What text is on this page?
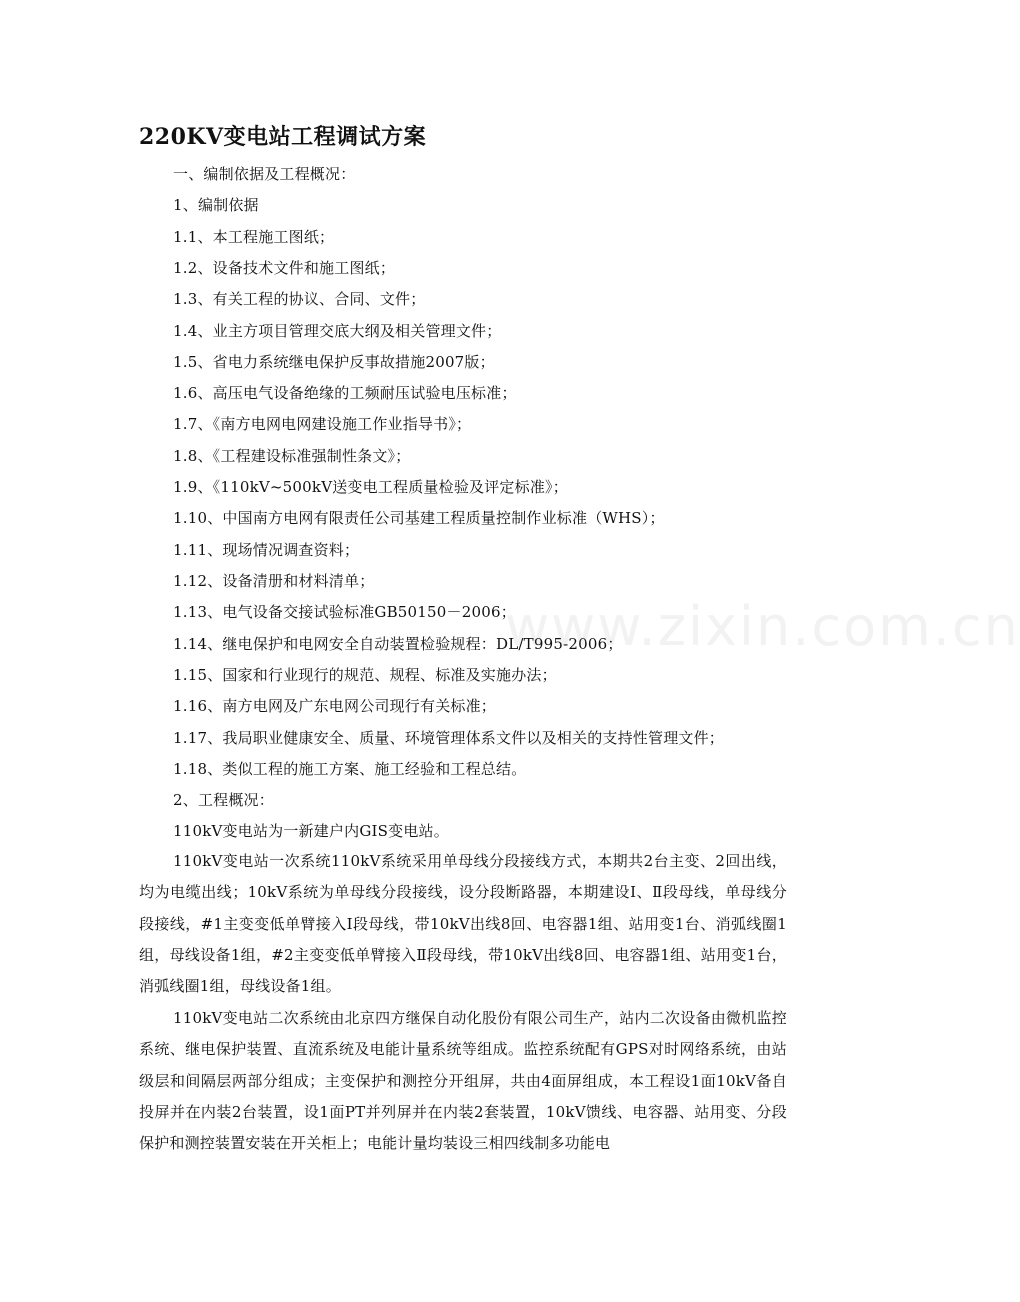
220KV变电站工程调试方案
一、编制依据及工程概况：
1、编制依据
1.1、本工程施工图纸；
1.2、设备技术文件和施工图纸；
1.3、有关工程的协议、合同、文件；
1.4、业主方项目管理交底大纲及相关管理文件；
1.5、省电力系统继电保护反事故措施2007版；
1.6、高压电气设备绝缘的工频耐压试验电压标准；
1.7、《南方电网电网建设施工作业指导书》；
1.8、《工程建设标准强制性条文》；
1.9、《110kV~500kV送变电工程质量检验及评定标准》；
1.10、中国南方电网有限责任公司基建工程质量控制作业标准（WHS）；
1.11、现场情况调查资料；
1.12、设备清册和材料清单；
1.13、电气设备交接试验标准GB50150－2006；
1.14、继电保护和电网安全自动装置检验规程：DL/T995-2006；
1.15、国家和行业现行的规范、规程、标准及实施办法；
1.16、南方电网及广东电网公司现行有关标准；
1.17、我局职业健康安全、质量、环境管理体系文件以及相关的支持性管理文件；
1.18、类似工程的施工方案、施工经验和工程总结。
2、工程概况：
110kV变电站为一新建户内GIS变电站。
110kV变电站一次系统110kV系统采用单母线分段接线方式，本期共2台主变、2回出线，均为电缆出线；10kV系统为单母线分段接线，设分段断路器，本期建设Ⅰ、Ⅱ段母线，单母线分段接线，#1主变变低单臂接入Ⅰ段母线，带10kV出线8回、电容器1组、站用变1台、消弧线圈1组，母线设备1组，#2主变变低单臂接入Ⅱ段母线，带10kV出线8回、电容器1组、站用变1台，消弧线圈1组，母线设备1组。
110kV变电站二次系统由北京四方继保自动化股份有限公司生产，站内二次设备由微机监控系统、继电保护装置、直流系统及电能计量系统等组成。监控系统配有GPS对时网络系统，由站级层和间隔层两部分组成；主变保护和测控分开组屏，共由4面屏组成，本工程设1面10kV备自投屏并在内装2台装置，设1面PT并列屏并在内装2套装置，10kV馈线、电容器、站用变、分段保护和测控装置安装在开关柜上；电能计量均装设三相四线制多功能电
www.zixin.com.cn
